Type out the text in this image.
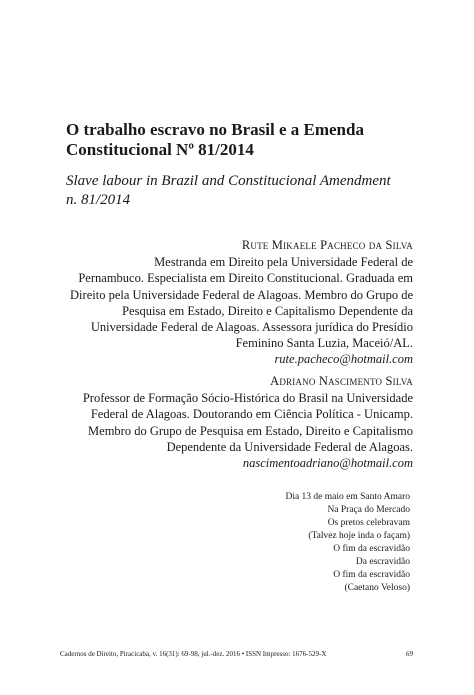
O trabalho escravo no Brasil e a Emenda
Constitucional Nº 81/2014
Slave labour in Brazil and Constitucional Amendment
n. 81/2014
Rute Mikaele Pacheco da Silva
Mestranda em Direito pela Universidade Federal de
Pernambuco. Especialista em Direito Constitucional. Graduada em
Direito pela Universidade Federal de Alagoas. Membro do Grupo de
Pesquisa em Estado, Direito e Capitalismo Dependente da
Universidade Federal de Alagoas. Assessora jurídica do Presídio
Feminino Santa Luzia, Maceió/AL.
rute.pacheco@hotmail.com
Adriano Nascimento Silva
Professor de Formação Sócio-Histórica do Brasil na Universidade
Federal de Alagoas. Doutorando em Ciência Política - Unicamp.
Membro do Grupo de Pesquisa em Estado, Direito e Capitalismo
Dependente da Universidade Federal de Alagoas.
nascimentoadriano@hotmail.com
Dia 13 de maio em Santo Amaro
Na Praça do Mercado
Os pretos celebravam
(Talvez hoje inda o façam)
O fim da escravidão
Da escravidão
O fim da escravidão
(Caetano Veloso)
Cadernos de Direito, Piracicaba, v. 16(31): 69-98, jul.-dez. 2016 • ISSN Impresso: 1676-529-X	69
